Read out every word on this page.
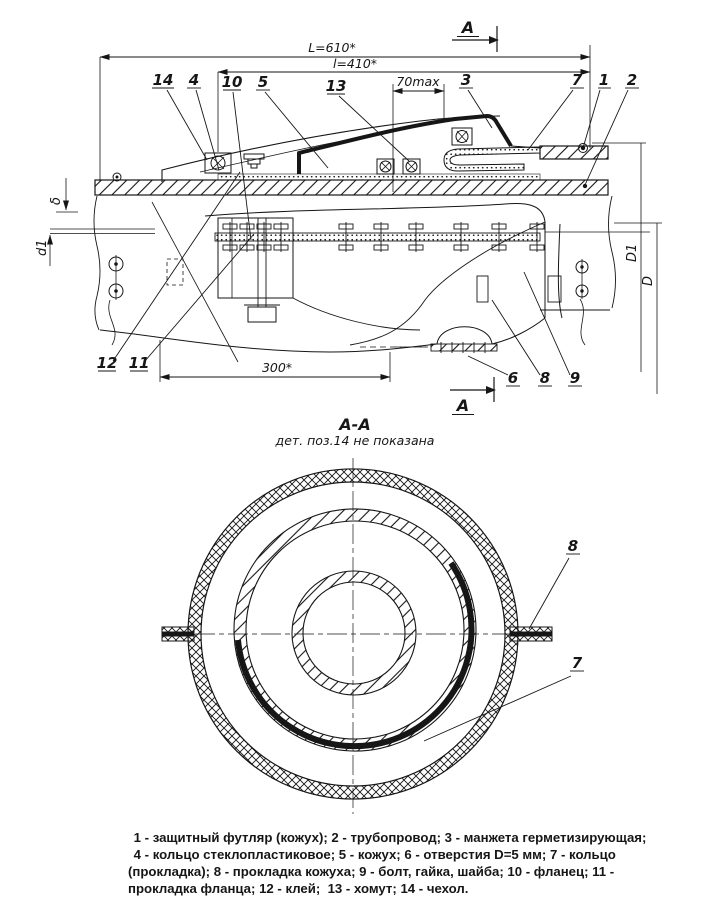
L=610*
l=410*
70max
А
А
300*
δ
d1	D1
D
14 4 10 5	13	3	7 1 2
12 11
6 8 9
А-А
дет. поз.14 не показана
8
7
1 - защитный футляр (кожух); 2 - трубопровод; 3 - манжета герметизирующая;
4 - кольцо стеклопластиковое; 5 - кожух; 6 - отверстия D=5 мм; 7 - кольцо
(прокладка); 8 - прокладка кожуха; 9 - болт, гайка, шайба; 10 - фланец; 11 -
прокладка фланца; 12 - клей;  13 - хомут; 14 - чехол.
